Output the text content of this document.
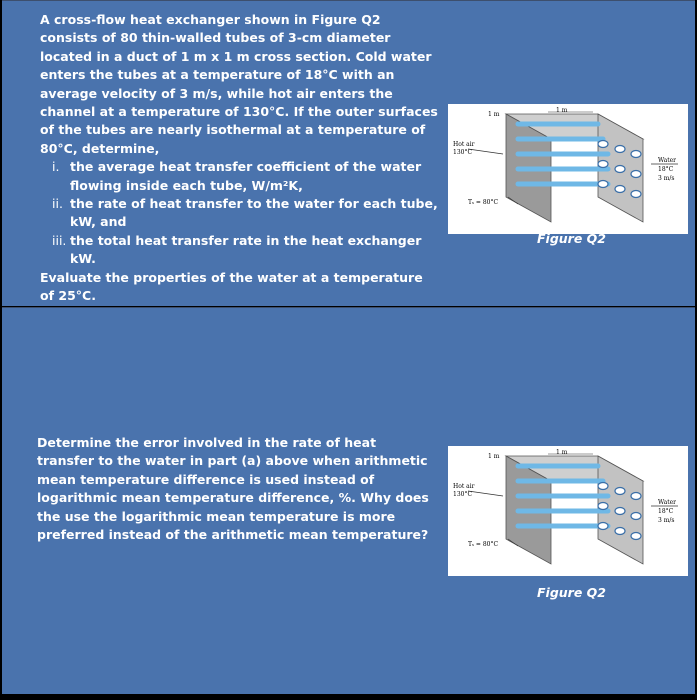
A cross-flow heat exchanger shown in Figure Q2 consists of 80 thin-walled tubes of 3-cm diameter located in a duct of 1 m x 1 m cross section. Cold water enters the tubes at a temperature of 18°C with an average velocity of 3 m/s, while hot air enters the channel at a temperature of 130°C. If the outer surfaces of the tubes are nearly isothermal at a temperature of 80°C, determine,

i. the average heat transfer coefficient of the water flowing inside each tube, W/m²K,
ii. the rate of heat transfer to the water for each tube, kW, and
iii. the total heat transfer rate in the heat exchanger kW.

Evaluate the properties of the water at a temperature of 25°C.

1 m
1 m
Hot air
130°C
Tₛ = 80°C
Water
18°C
3 m/s
Figure Q2

Determine the error involved in the rate of heat transfer to the water in part (a) above when arithmetic mean temperature difference is used instead of logarithmic mean temperature difference, %. Why does the use the logarithmic mean temperature is more preferred instead of the arithmetic mean temperature?

1 m
1 m
Hot air
130°C
Tₛ = 80°C
Water
18°C
3 m/s
Figure Q2
